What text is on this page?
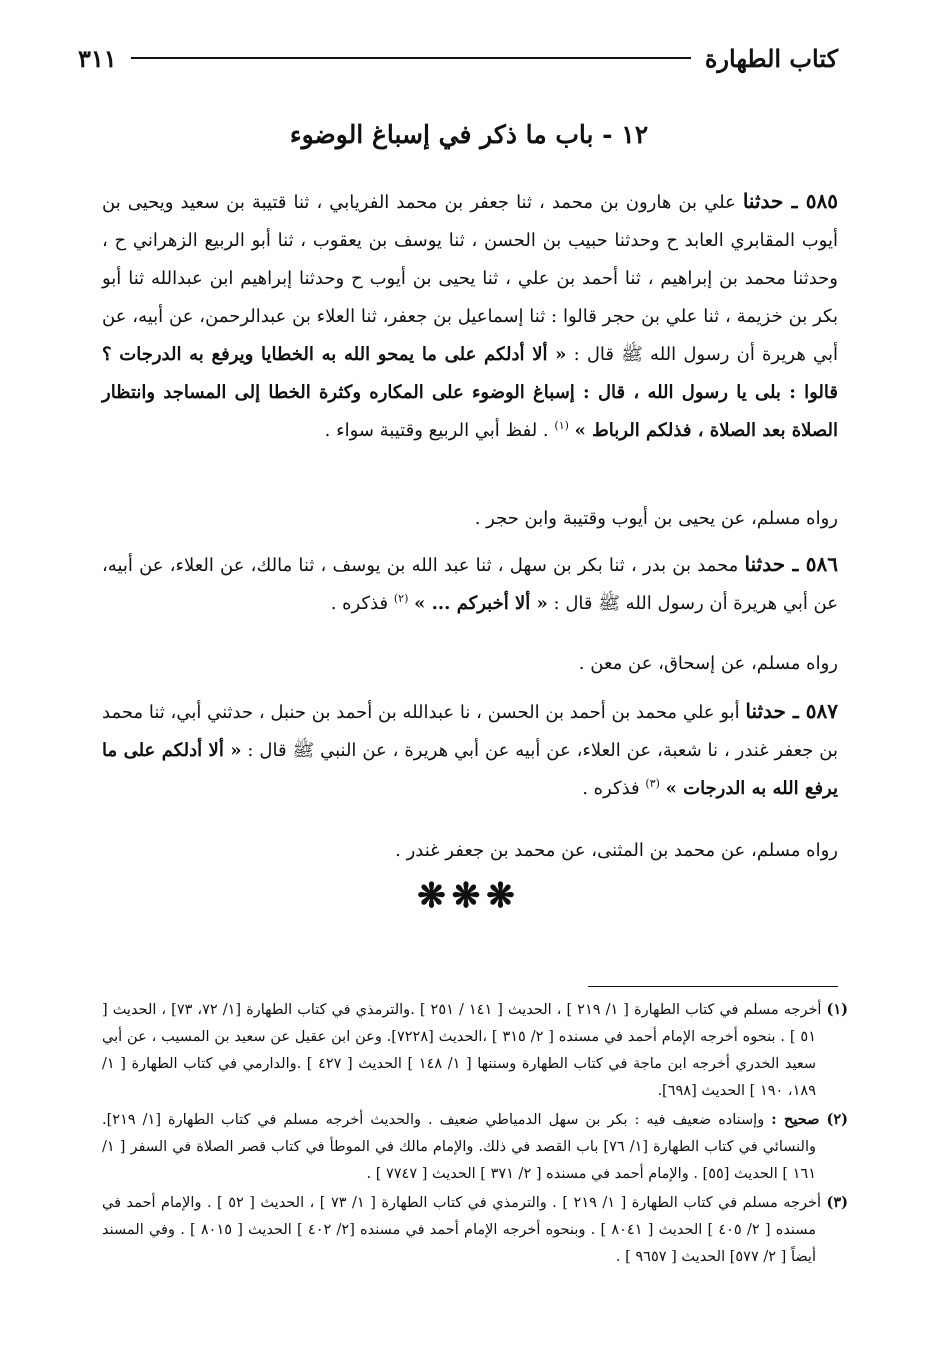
كتاب الطهارة
٣١١
١٢ - باب ما ذكر في إسباغ الوضوء

٥٨٥ ـ حدثنا علي بن هارون بن محمد ، ثنا جعفر بن محمد الفريابي ، ثنا قتيبة بن سعيد ويحيى بن أيوب المقابري العابد ح وحدثنا حبيب بن الحسن ، ثنا يوسف بن يعقوب ، ثنا أبو الربيع الزهراني ح ، وحدثنا محمد بن إبراهيم ، ثنا أحمد بن علي ، ثنا يحيى بن أيوب ح وحدثنا إبراهيم ابن عبدالله ثنا أبو بكر بن خزيمة ، ثنا علي بن حجر قالوا : ثنا إسماعيل بن جعفر، ثنا العلاء بن عبدالرحمن، عن أبيه، عن أبي هريرة أن رسول الله ﷺ قال : « ألا أدلكم على ما يمحو الله به الخطايا ويرفع به الدرجات ؟ قالوا : بلى يا رسول الله ، قال : إسباغ الوضوء على المكاره وكثرة الخطا إلى المساجد وانتظار الصلاة بعد الصلاة ، فذلكم الرباط » $^{(١)}$ . لفظ أبي الربيع وقتيبة سواء .

رواه مسلم، عن يحيى بن أيوب وقتيبة وابن حجر .

٥٨٦ ـ حدثنا محمد بن بدر ، ثنا بكر بن سهل ، ثنا عبد الله بن يوسف ، ثنا مالك، عن العلاء، عن أبيه، عن أبي هريرة أن رسول الله ﷺ قال : « ألا أخبركم ... » $^{(٢)}$ فذكره .

رواه مسلم، عن إسحاق، عن معن .

٥٨٧ ـ حدثنا أبو علي محمد بن أحمد بن الحسن ، نا عبدالله بن أحمد بن حنبل ، حدثني أبي، ثنا محمد بن جعفر غندر ، نا شعبة، عن العلاء، عن أبيه عن أبي هريرة ، عن النبي ﷺ قال : « ألا أدلكم على ما يرفع الله به الدرجات » $^{(٣)}$ فذكره .

رواه مسلم، عن محمد بن المثنى، عن محمد بن جعفر غندر .

❋❋❋

(١) أخرجه مسلم في كتاب الطهارة [ ١/ ٢١٩ ] ، الحديث [ ١٤١ / ٢٥١ ] .والترمذي في كتاب الطهارة [١/ ٧٢، ٧٣] ، الحديث [ ٥١ ] . بنحوه أخرجه الإمام أحمد في مسنده [ ٢/ ٣١٥ ] ،الحديث [٧٢٢٨]. وعن ابن عقيل عن سعيد بن المسيب ، عن أبي سعيد الخدري أخرجه ابن ماجة في كتاب الطهارة وسننها [ ١/ ١٤٨ ] الحديث [ ٤٢٧ ] .والدارمي في كتاب الطهارة [ ١/ ١٨٩، ١٩٠ ] الحديث [٦٩٨].

(٢) صحيح : وإسناده ضعيف فيه : بكر بن سهل الدمياطي ضعيف . والحديث أخرجه مسلم في كتاب الطهارة [١/ ٢١٩]. والنسائي في كتاب الطهارة [١/ ٧٦] باب القصد في ذلك. والإمام مالك في الموطأ في كتاب قصر الصلاة في السفر [ ١/ ١٦١ ] الحديث [٥٥] . والإمام أحمد في مسنده [ ٢/ ٣٧١ ] الحديث [ ٧٧٤٧ ] .

(٣) أخرجه مسلم في كتاب الطهارة [ ١/ ٢١٩ ] . والترمذي في كتاب الطهارة [ ١/ ٧٣ ] ، الحديث [ ٥٢ ] . والإمام أحمد في مسنده [ ٢/ ٤٠٥ ] الحديث [ ٨٠٤١ ] . وبنحوه أخرجه الإمام أحمد في مسنده [٢/ ٤٠٢ ] الحديث [ ٨٠١٥ ] . وفي المسند أيضاً [ ٢/ ٥٧٧] الحديث [ ٩٦٥٧ ] .
